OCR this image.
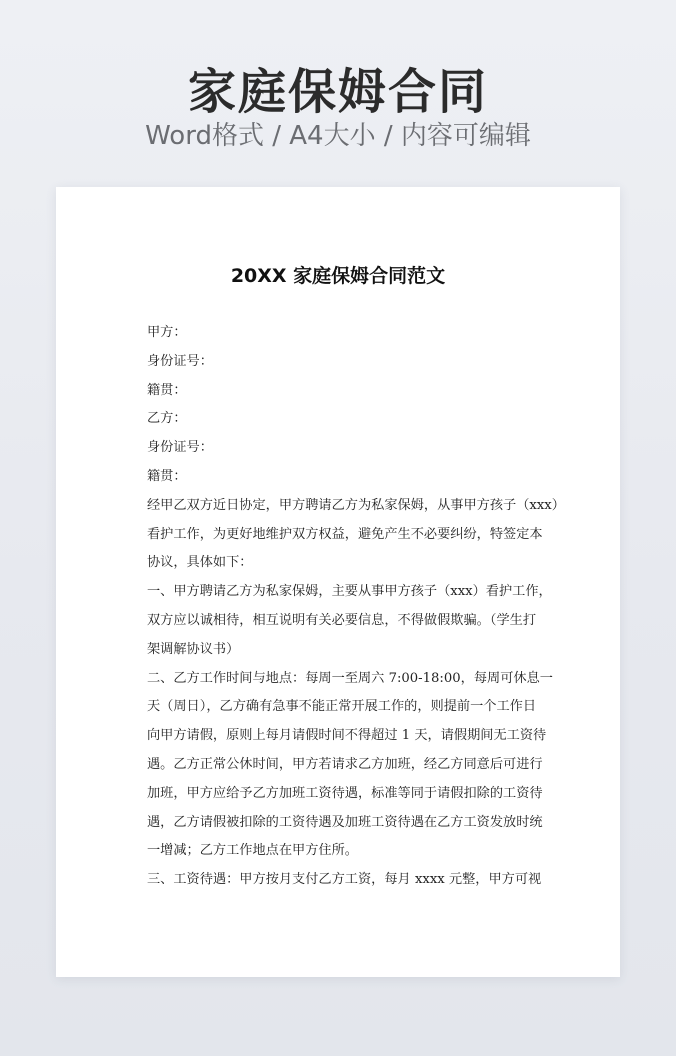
家庭保姆合同
Word格式 / A4大小 / 内容可编辑
20XX 家庭保姆合同范文
甲方：
身份证号：
籍贯：
乙方：
身份证号：
籍贯：
经甲乙双方近日协定，甲方聘请乙方为私家保姆，从事甲方孩子（xxx）
看护工作，为更好地维护双方权益，避免产生不必要纠纷，特签定本
协议，具体如下：
一、甲方聘请乙方为私家保姆，主要从事甲方孩子（xxx）看护工作，
双方应以诚相待，相互说明有关必要信息，不得做假欺骗。（学生打
架调解协议书）
二、乙方工作时间与地点：每周一至周六 7:00-18:00，每周可休息一
天（周日），乙方确有急事不能正常开展工作的，则提前一个工作日
向甲方请假，原则上每月请假时间不得超过 1 天，请假期间无工资待
遇。乙方正常公休时间，甲方若请求乙方加班，经乙方同意后可进行
加班，甲方应给予乙方加班工资待遇，标准等同于请假扣除的工资待
遇，乙方请假被扣除的工资待遇及加班工资待遇在乙方工资发放时统
一增减；乙方工作地点在甲方住所。
三、工资待遇：甲方按月支付乙方工资，每月 xxxx 元整，甲方可视
